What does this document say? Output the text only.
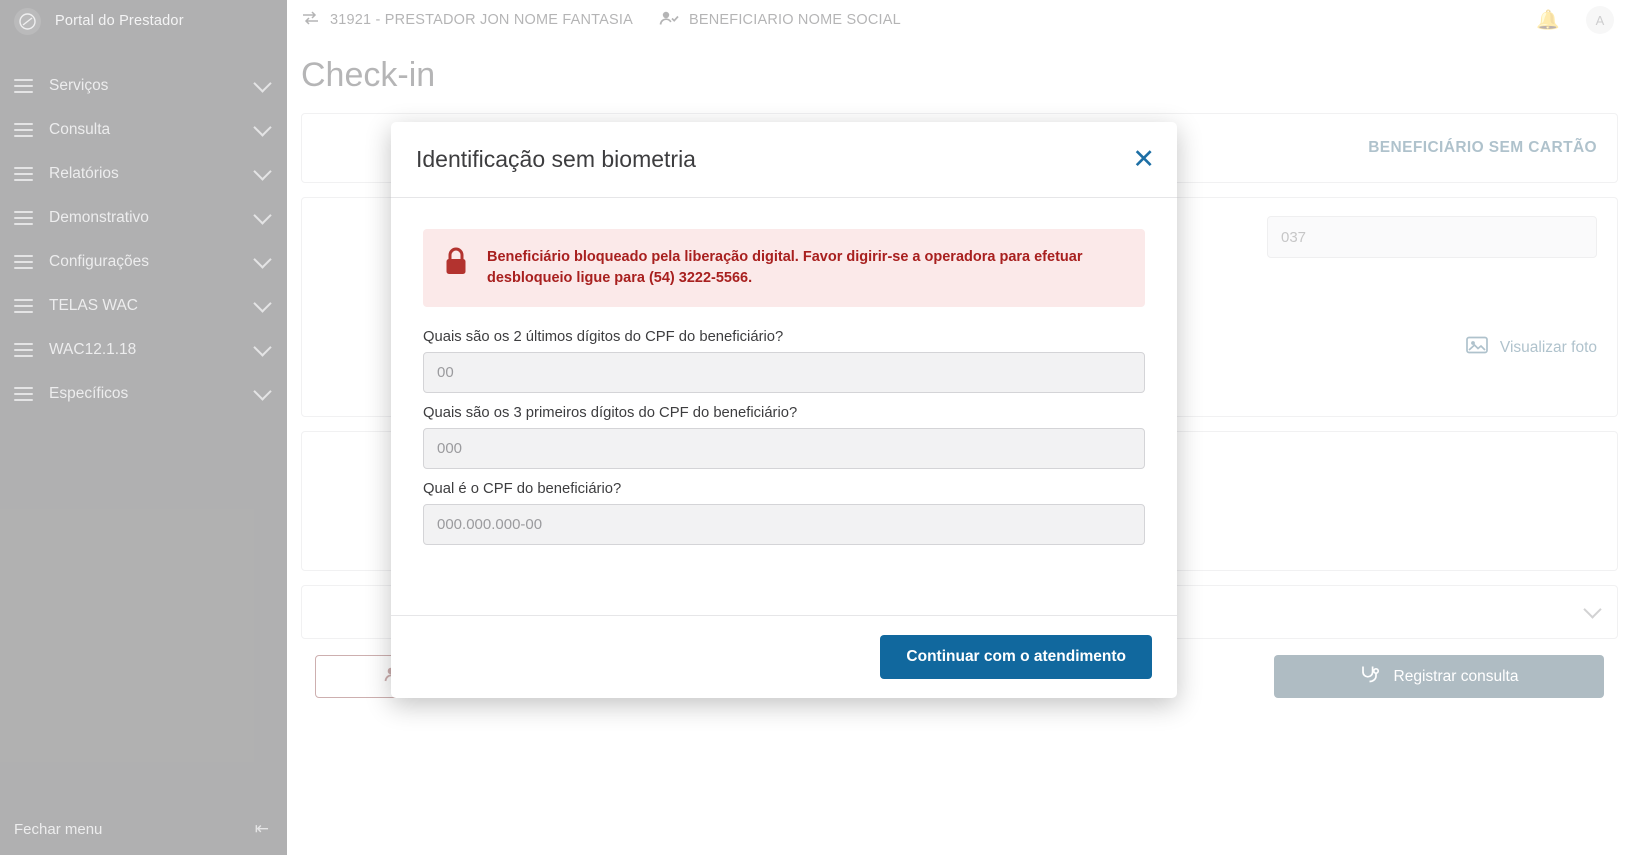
037
Identificação sem biometria	✕
Beneficiário bloqueado pela liberação digital. Favor digirir-se a operadora para efetuar desbloqueio ligue para (54) 3222-5566.
Quais são os 2 últimos dígitos do CPF do beneficiário?
00
Quais são os 3 primeiros dígitos do CPF do beneficiário?
000
Qual é o CPF do beneficiário?
000.000.000-00
Continuar com o atendimento
